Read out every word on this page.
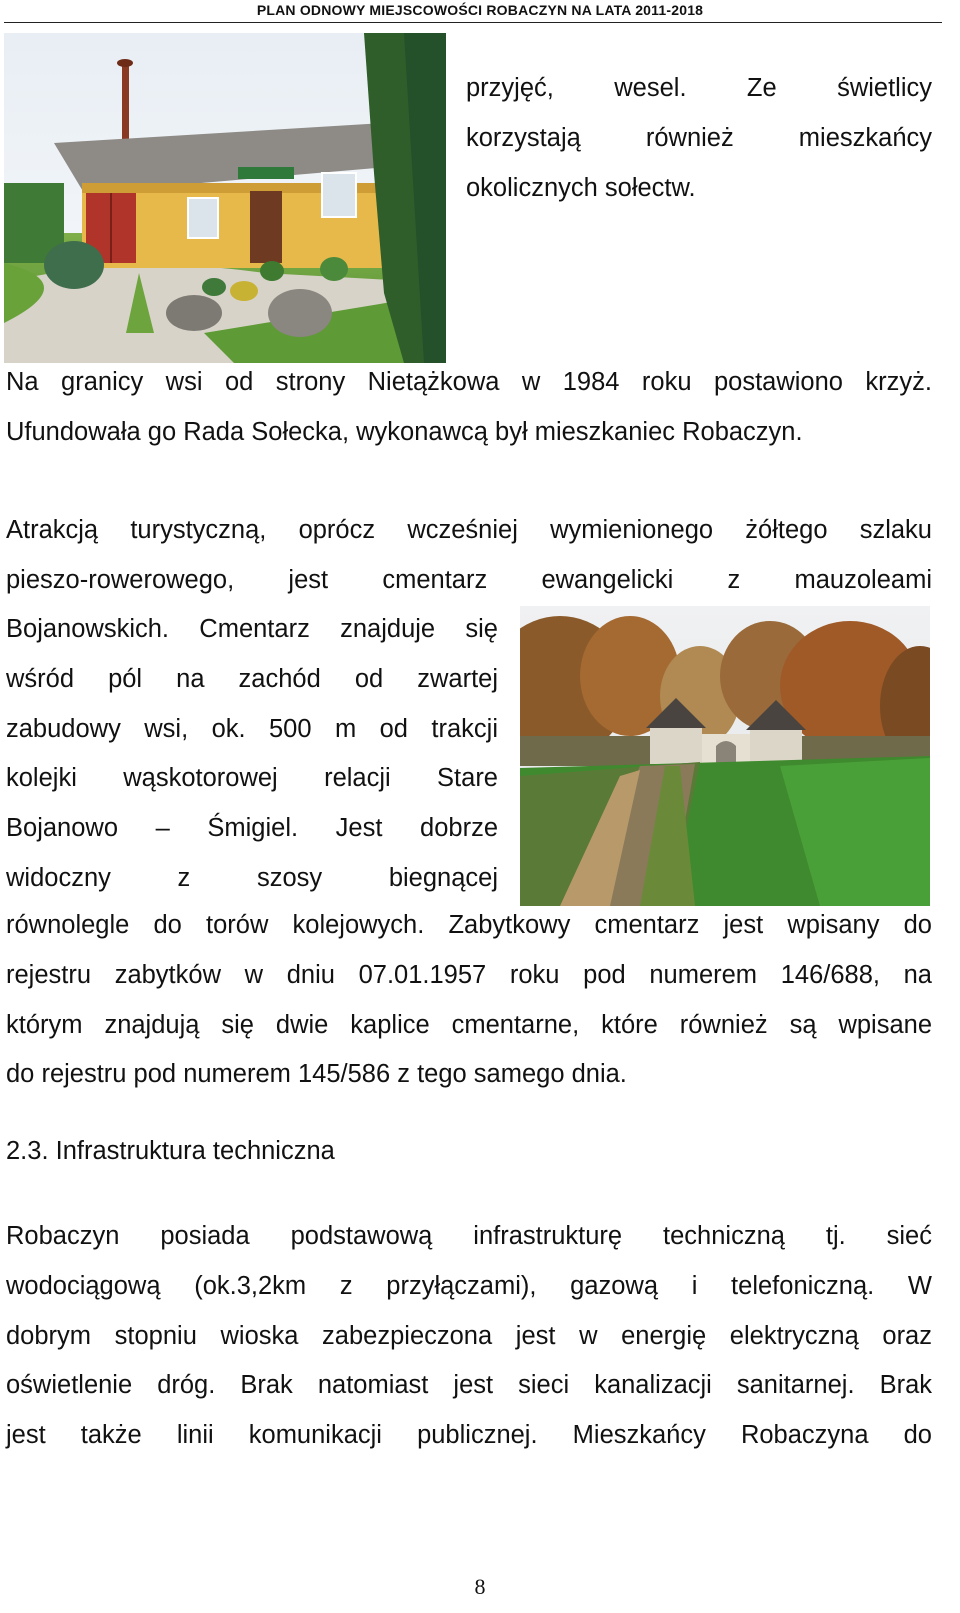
PLAN ODNOWY MIEJSCOWOŚCI ROBACZYN NA LATA 2011-2018
przyjęć, wesel. Ze świetlicy
korzystają również mieszkańcy
okolicznych sołectw.
Na granicy wsi od strony Nietążkowa w 1984 roku postawiono krzyż.
Ufundowała go Rada Sołecka, wykonawcą był mieszkaniec Robaczyn.
Atrakcją turystyczną, oprócz wcześniej wymienionego żółtego szlaku
pieszo-rowerowego, jest cmentarz ewangelicki z mauzoleami
Bojanowskich. Cmentarz znajduje się
wśród pól na zachód od zwartej
zabudowy wsi, ok. 500 m od trakcji
kolejki wąskotorowej relacji Stare
Bojanowo – Śmigiel. Jest dobrze
widoczny z szosy biegnącej
równolegle do torów kolejowych. Zabytkowy cmentarz jest wpisany do
rejestru zabytków w dniu 07.01.1957 roku pod numerem 146/688, na
którym znajdują się dwie kaplice cmentarne, które również są wpisane
do rejestru pod numerem 145/586 z tego samego dnia.
2.3. Infrastruktura techniczna
Robaczyn posiada podstawową infrastrukturę techniczną tj. sieć
wodociągową (ok.3,2km z przyłączami), gazową i telefoniczną. W
dobrym stopniu wioska zabezpieczona jest w energię elektryczną oraz
oświetlenie dróg. Brak natomiast jest sieci kanalizacji sanitarnej. Brak
jest także linii komunikacji publicznej. Mieszkańcy Robaczyna do
8
